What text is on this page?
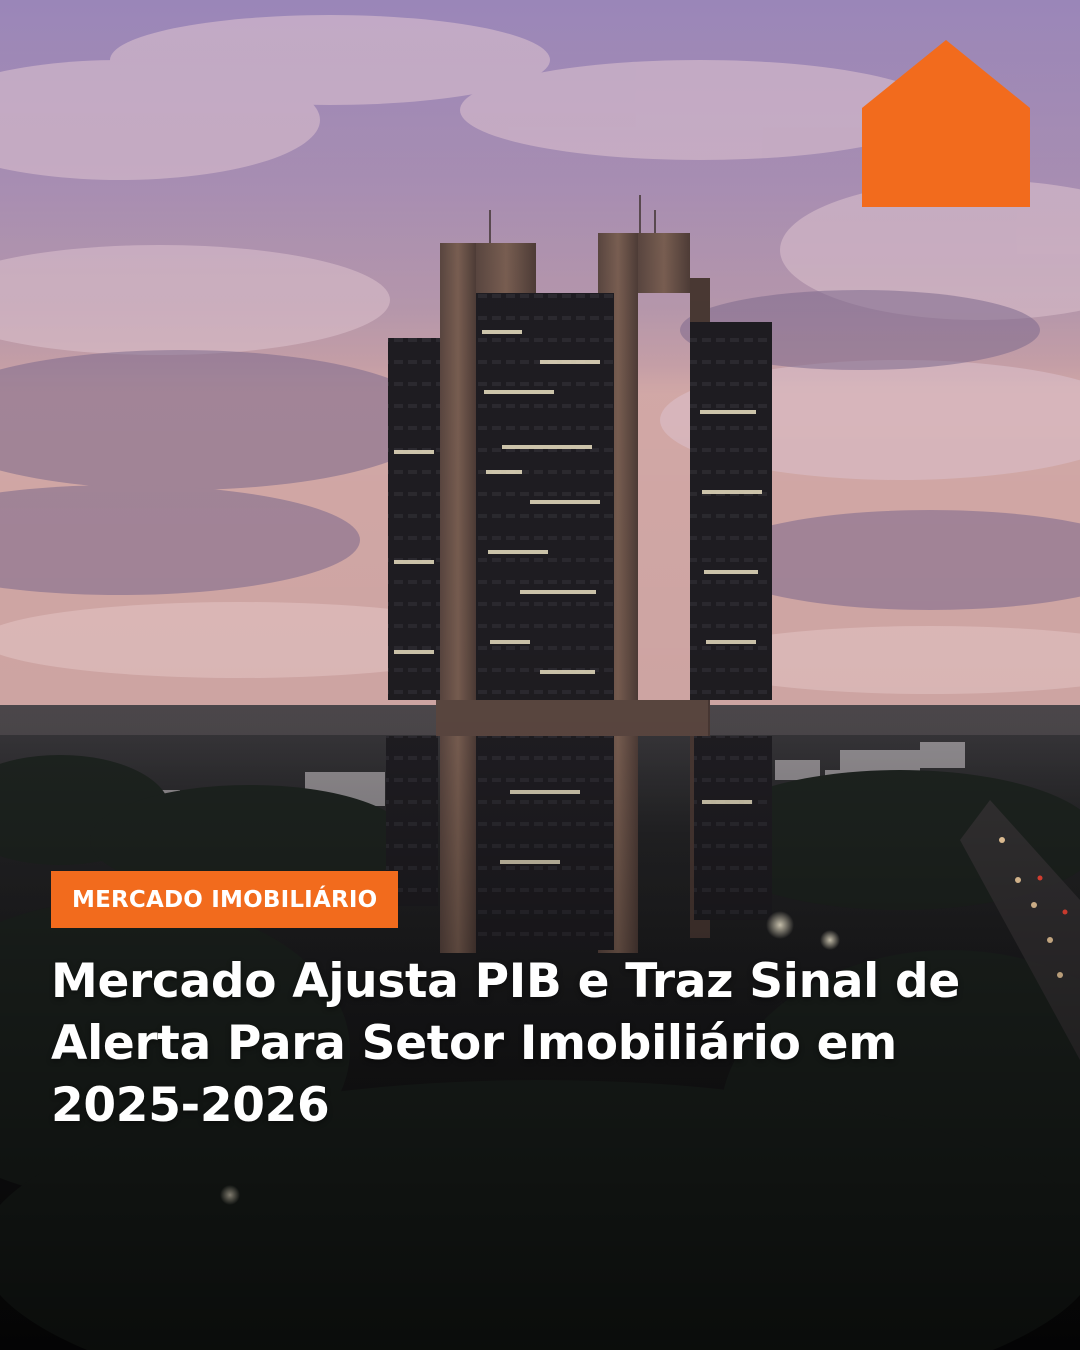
MERCADO IMOBILIÁRIO
Mercado Ajusta PIB e Traz Sinal de Alerta Para Setor Imobiliário em 2025-2026
